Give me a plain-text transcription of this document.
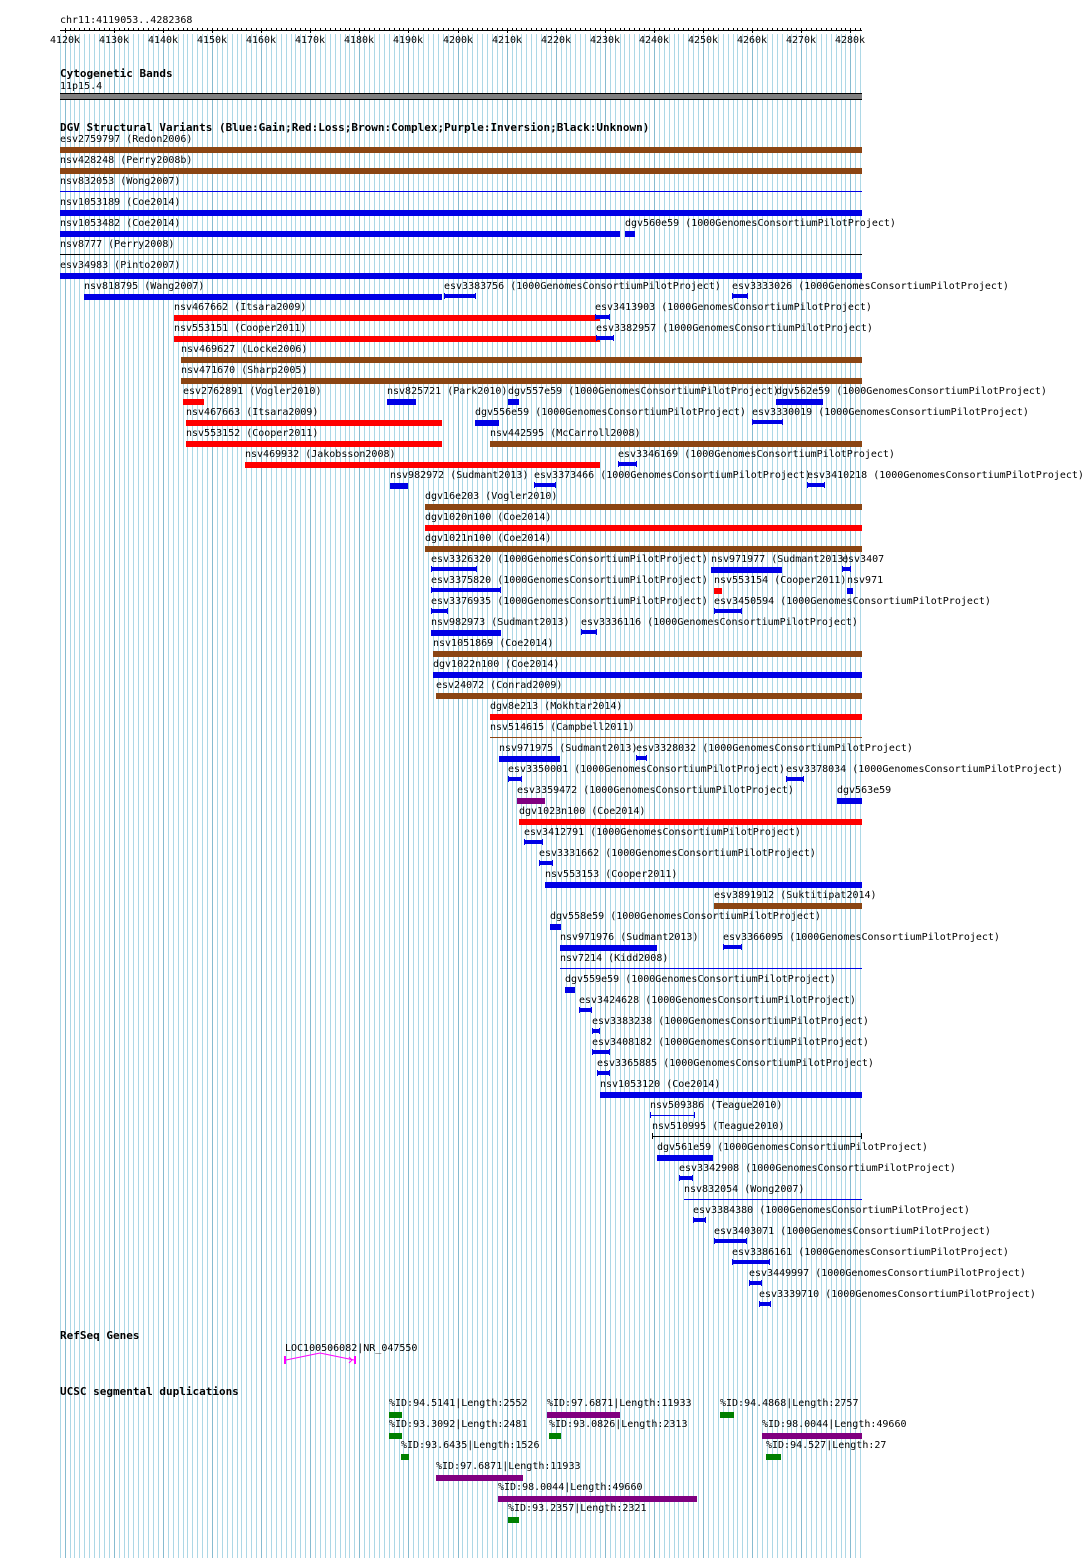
chr11:4119053..4282368
4120k 4130k 4140k 4150k 4160k 4170k 4180k 4190k 4200k 4210k 4220k 4230k 4240k 4250k 4260k 4270k 4280k
Cytogenetic Bands
11p15.4
DGV Structural Variants (Blue:Gain;Red:Loss;Brown:Complex;Purple:Inversion;Black:Unknown)
esv2759797 (Redon2006)
nsv428248 (Perry2008b)
nsv832053 (Wong2007)
nsv1053189 (Coe2014)
nsv1053482 (Coe2014)	dgv560e59 (1000GenomesConsortiumPilotProject)
nsv8777 (Perry2008)
esv34983 (Pinto2007)
nsv818795 (Wang2007)	esv3383756 (1000GenomesConsortiumPilotProject) esv3333026 (1000GenomesConsortiumPilotProject)
nsv467662 (Itsara2009)	esv3413903 (1000GenomesConsortiumPilotProject)
nsv553151 (Cooper2011)	esv3382957 (1000GenomesConsortiumPilotProject)
nsv469627 (Locke2006)
nsv471670 (Sharp2005)
esv2762891 (Vogler2010)	nsv825721 (Park2010) dgv557e59 (1000GenomesConsortiumPilotProject)
dgv562e59 (1000GenomesConsortiumPilotProject)
nsv467663 (Itsara2009)	dgv556e59 (1000GenomesConsortiumPilotProject) esv3330019 (1000GenomesConsortiumPilotProject)
nsv553152 (Cooper2011)	nsv442595 (McCarroll2008)
nsv469932 (Jakobsson2008)	esv3346169 (1000GenomesConsortiumPilotProject)
nsv982972 (Sudmant2013) esv3373466 (1000GenomesConsortiumPilotProject)
esv3410218 (1000GenomesConsortiumPilotProject)
dgv16e203 (Vogler2010)
dgv1020n100 (Coe2014)
dgv1021n100 (Coe2014)
esv3326320 (1000GenomesConsortiumPilotProject) nsv971977 (Sudmant2013)
esv3407
esv3375820 (1000GenomesConsortiumPilotProject) nsv553154 (Cooper2011) nsv971
esv3376935 (1000GenomesConsortiumPilotProject) esv3450594 (1000GenomesConsortiumPilotProject)
nsv982973 (Sudmant2013) esv3336116 (1000GenomesConsortiumPilotProject)
nsv1051869 (Coe2014)
dgv1022n100 (Coe2014)
esv24072 (Conrad2009)
dgv8e213 (Mokhtar2014)
nsv514615 (Campbell2011)
nsv971975 (Sudmant2013)
esv3328032 (1000GenomesConsortiumPilotProject)
esv3350001 (1000GenomesConsortiumPilotProject) esv3378034 (1000GenomesConsortiumPilotProject)
esv3359472 (1000GenomesConsortiumPilotProject)	dgv563e59
dgv1023n100 (Coe2014)
esv3412791 (1000GenomesConsortiumPilotProject)
esv3331662 (1000GenomesConsortiumPilotProject)
nsv553153 (Cooper2011)
esv3891912 (Suktitipat2014)
dgv558e59 (1000GenomesConsortiumPilotProject)
nsv971976 (Sudmant2013) esv3366095 (1000GenomesConsortiumPilotProject)
nsv7214 (Kidd2008)
dgv559e59 (1000GenomesConsortiumPilotProject)
esv3424628 (1000GenomesConsortiumPilotProject)
esv3383238 (1000GenomesConsortiumPilotProject)
esv3408182 (1000GenomesConsortiumPilotProject)
esv3365885 (1000GenomesConsortiumPilotProject)
nsv1053120 (Coe2014)
nsv509386 (Teague2010)
nsv510995 (Teague2010)
dgv561e59 (1000GenomesConsortiumPilotProject)
esv3342908 (1000GenomesConsortiumPilotProject)
nsv832054 (Wong2007)
esv3384380 (1000GenomesConsortiumPilotProject)
esv3403071 (1000GenomesConsortiumPilotProject)
esv3386161 (1000GenomesConsortiumPilotProject)
esv3449997 (1000GenomesConsortiumPilotProject)
esv3339710 (1000GenomesConsortiumPilotProject)
RefSeq Genes
LOC100506082|NR_047550
UCSC segmental duplications
%ID:94.5141|Length:2552 %ID:97.6871|Length:11933	%ID:94.4868|Length:2757
%ID:93.3092|Length:2481 %ID:93.0826|Length:2313	%ID:98.0044|Length:49660
%ID:93.6435|Length:1526	%ID:94.527|Length:27
%ID:97.6871|Length:11933
%ID:98.0044|Length:49660
%ID:93.2357|Length:2321
